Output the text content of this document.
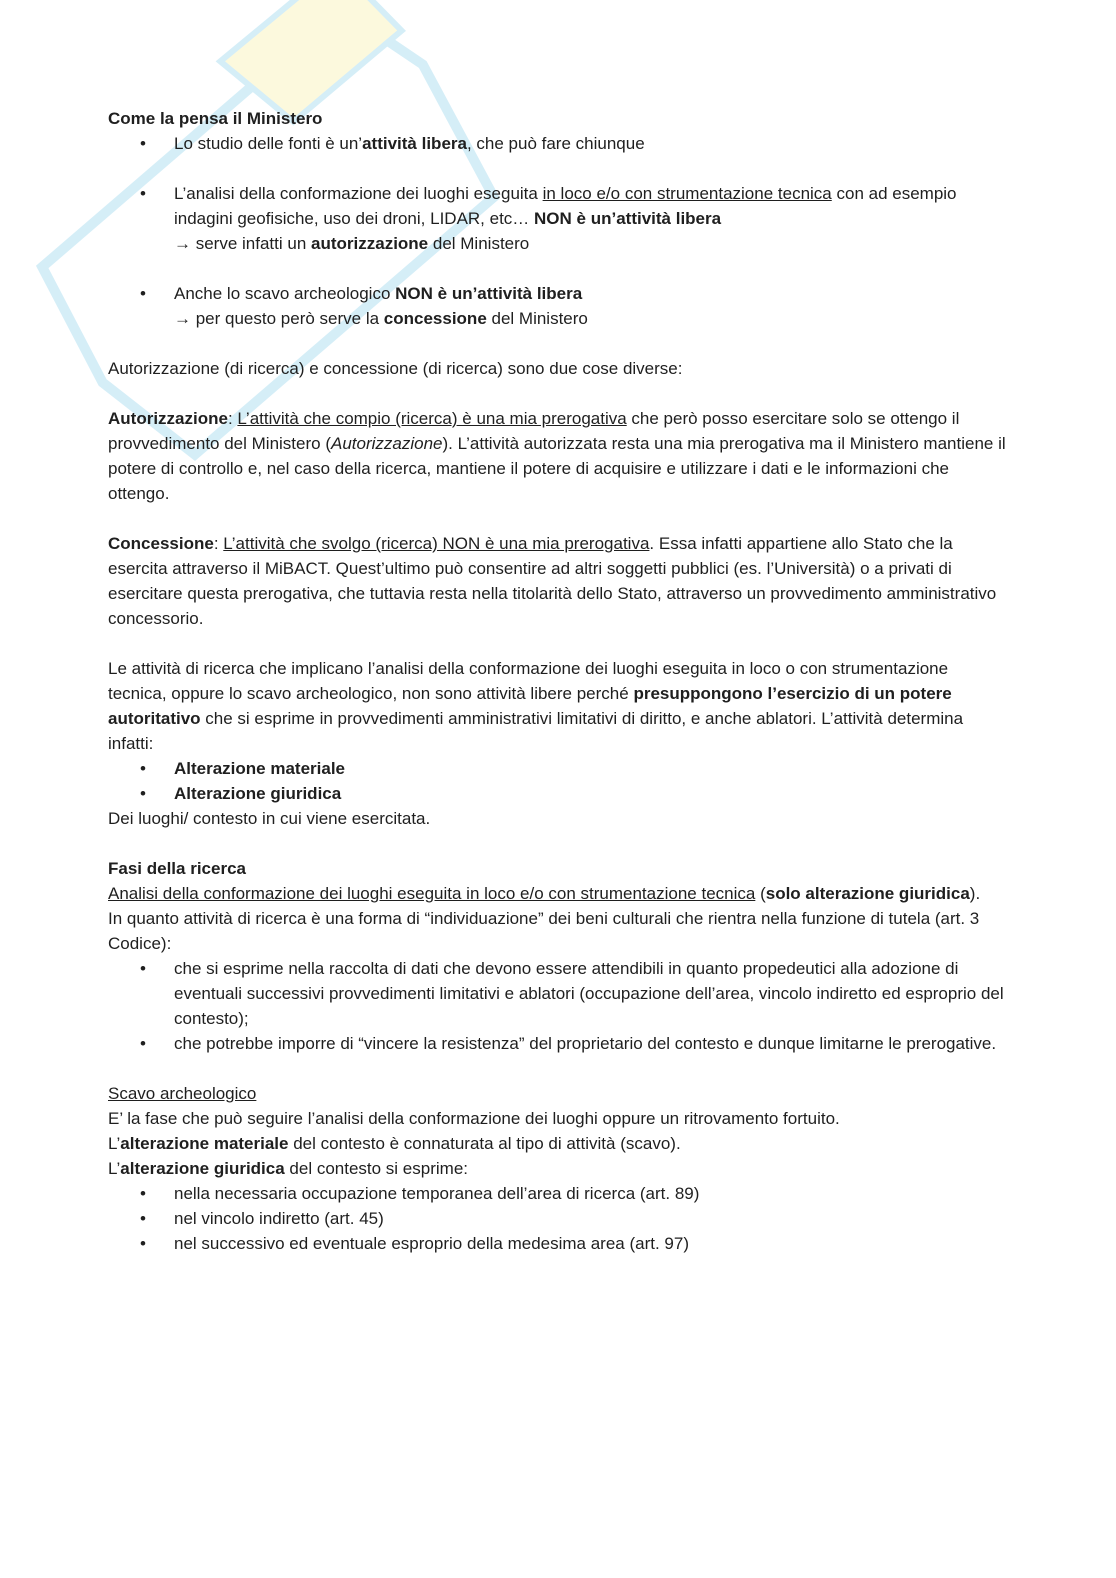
Come la pensa il Ministero

• Lo studio delle fonti è un’attività libera, che può fare chiunque
• L’analisi della conformazione dei luoghi eseguita in loco e/o con strumentazione tecnica con ad esempio indagini geofisiche, uso dei droni, LIDAR, etc… NON è un’attività libera
→ serve infatti un autorizzazione del Ministero
• Anche lo scavo archeologico NON è un’attività libera
→ per questo però serve la concessione del Ministero

Autorizzazione (di ricerca) e concessione (di ricerca) sono due cose diverse:

Autorizzazione: L’attività che compio (ricerca) è una mia prerogativa che però posso esercitare solo se ottengo il provvedimento del Ministero (Autorizzazione). L’attività autorizzata resta una mia prerogativa ma il Ministero mantiene il potere di controllo e, nel caso della ricerca, mantiene il potere di acquisire e utilizzare i dati e le informazioni che ottengo.

Concessione: L’attività che svolgo (ricerca) NON è una mia prerogativa. Essa infatti appartiene allo Stato che la esercita attraverso il MiBACT. Quest’ultimo può consentire ad altri soggetti pubblici (es. l’Università) o a privati di esercitare questa prerogativa, che tuttavia resta nella titolarità dello Stato, attraverso un provvedimento amministrativo concessorio.

Le attività di ricerca che implicano l’analisi della conformazione dei luoghi eseguita in loco o con strumentazione tecnica, oppure lo scavo archeologico, non sono attività libere perché presuppongono l’esercizio di un potere autoritativo che si esprime in provvedimenti amministrativi limitativi di diritto, e anche ablatori. L’attività determina infatti:

• Alterazione materiale
• Alterazione giuridica

Dei luoghi/ contesto in cui viene esercitata.

Fasi della ricerca

Analisi della conformazione dei luoghi eseguita in loco e/o con strumentazione tecnica (solo alterazione giuridica).

In quanto attività di ricerca è una forma di “individuazione” dei beni culturali che rientra nella funzione di tutela (art. 3 Codice):

• che si esprime nella raccolta di dati che devono essere attendibili in quanto propedeutici alla adozione di eventuali successivi provvedimenti limitativi e ablatori (occupazione dell’area, vincolo indiretto ed esproprio del contesto);
• che potrebbe imporre di “vincere la resistenza” del proprietario del contesto e dunque limitarne le prerogative.

Scavo archeologico

E’ la fase che può seguire l’analisi della conformazione dei luoghi oppure un ritrovamento fortuito.

L’alterazione materiale del contesto è connaturata al tipo di attività (scavo).

L’alterazione giuridica del contesto si esprime:

• nella necessaria occupazione temporanea dell’area di ricerca (art. 89)
• nel vincolo indiretto (art. 45)
• nel successivo ed eventuale esproprio della medesima area (art. 97)
